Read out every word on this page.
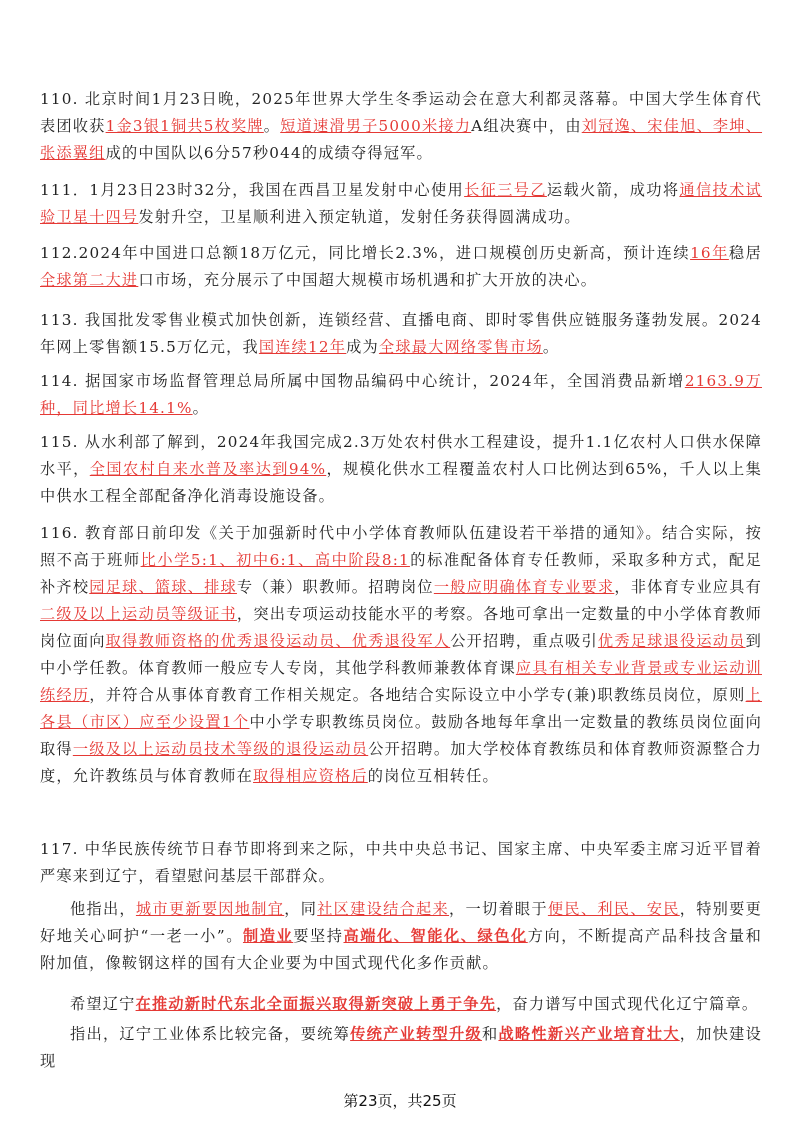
110. 北京时间1月23日晚，2025年世界大学生冬季运动会在意大利都灵落幕。中国大学生体育代表团收获1金3银1铜共5枚奖牌。短道速滑男子5000米接力A组决赛中，由刘冠逸、宋佳旭、李坤、张添翼组成的中国队以6分57秒044的成绩夺得冠军。

111．1月23日23时32分，我国在西昌卫星发射中心使用长征三号乙运载火箭，成功将通信技术试验卫星十四号发射升空，卫星顺利进入预定轨道，发射任务获得圆满成功。

112.2024年中国进口总额18万亿元，同比增长2.3%，进口规模创历史新高，预计连续16年稳居全球第二大进口市场，充分展示了中国超大规模市场机遇和扩大开放的决心。

113. 我国批发零售业模式加快创新，连锁经营、直播电商、即时零售供应链服务蓬勃发展。2024年网上零售额15.5万亿元，我国连续12年成为全球最大网络零售市场。

114. 据国家市场监督管理总局所属中国物品编码中心统计，2024年，全国消费品新增2163.9万种，同比增长14.1%。

115. 从水利部了解到，2024年我国完成2.3万处农村供水工程建设，提升1.1亿农村人口供水保障水平，全国农村自来水普及率达到94%，规模化供水工程覆盖农村人口比例达到65%，千人以上集中供水工程全部配备净化消毒设施设备。

116. 教育部日前印发《关于加强新时代中小学体育教师队伍建设若干举措的通知》。结合实际，按照不高于班师比小学5:1、初中6:1、高中阶段8:1的标准配备体育专任教师，采取多种方式，配足补齐校园足球、篮球、排球专（兼）职教师。招聘岗位一般应明确体育专业要求，非体育专业应具有二级及以上运动员等级证书，突出专项运动技能水平的考察。各地可拿出一定数量的中小学体育教师岗位面向取得教师资格的优秀退役运动员、优秀退役军人公开招聘，重点吸引优秀足球退役运动员到中小学任教。体育教师一般应专人专岗，其他学科教师兼教体育课应具有相关专业背景或专业运动训练经历，并符合从事体育教育工作相关规定。各地结合实际设立中小学专(兼)职教练员岗位，原则上各县（市区）应至少设置1个中小学专职教练员岗位。鼓励各地每年拿出一定数量的教练员岗位面向取得一级及以上运动员技术等级的退役运动员公开招聘。加大学校体育教练员和体育教师资源整合力度，允许教练员与体育教师在取得相应资格后的岗位互相转任。

117. 中华民族传统节日春节即将到来之际，中共中央总书记、国家主席、中央军委主席习近平冒着严寒来到辽宁，看望慰问基层干部群众。

他指出，城市更新要因地制宜，同社区建设结合起来，一切着眼于便民、利民、安民，特别要更好地关心呵护“一老一小”。制造业要坚持高端化、智能化、绿色化方向，不断提高产品科技含量和附加值，像鞍钢这样的国有大企业要为中国式现代化多作贡献。

希望辽宁在推动新时代东北全面振兴取得新突破上勇于争先，奋力谱写中国式现代化辽宁篇章。

指出，辽宁工业体系比较完备，要统筹传统产业转型升级和战略性新兴产业培育壮大，加快建设现

第23页，共25页
